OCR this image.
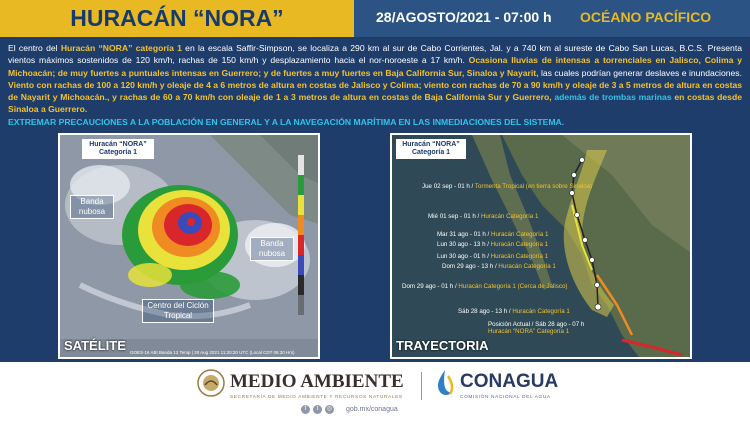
HURACÁN “NORA”	28/AGOSTO/2021 - 07:00 h OCÉANO PACÍFICO
El centro del Huracán “NORA” categoría 1 en la escala Saffir-Simpson, se localiza a 290 km al sur de Cabo Corrientes, Jal. y a 740 km al sureste de Cabo San Lucas, B.C.S. Presenta vientos máximos sostenidos de 120 km/h, rachas de 150 km/h y desplazamiento hacia el nor-noroeste a 17 km/h. Ocasiona lluvias de intensas a torrenciales en Jalisco, Colima y Michoacán; de muy fuertes a puntuales intensas en Guerrero; y de fuertes a muy fuertes en Baja California Sur, Sinaloa y Nayarit, las cuales podrían generar deslaves e inundaciones. Viento con rachas de 100 a 120 km/h y oleaje de 4 a 6 metros de altura en costas de Jalisco y Colima; viento con rachas de 70 a 90 km/h y oleaje de 3 a 5 metros de altura en costas de Nayarit y Michoacán., y rachas de 60 a 70 km/h con oleaje de 1 a 3 metros de altura en costas de Baja California Sur y Guerrero, además de trombas marinas en costas desde Sinaloa a Guerrero.
EXTREMAR PRECAUCIONES A LA POBLACIÓN EN GENERAL Y A LA NAVEGACIÓN MARÍTIMA EN LAS INMEDIACIONES DEL SISTEMA.
Huracán “NORA”
Categoría 1
Banda nubosa
Banda nubosa
Centro del Ciclón Tropical
SATÉLITE GOES-16 ABI Banda 13 Temp | 28 Aug 2021 11:20:20 UTC (Local CDT 06:20 Hrs)
Huracán “NORA”
Categoría 1
Jue 02 sep - 01 h / Tormenta Tropical (en tierra sobre Sinaloa)
Mié 01 sep - 01 h / Huracán Categoría 1
Mar 31 ago - 01 h / Huracán Categoría 1
Lun 30 ago - 13 h / Huracán Categoría 1
Lun 30 ago - 01 h / Huracán Categoría 1
Dom 29 ago - 13 h / Huracán Categoría 1
Dom 29 ago - 01 h / Huracán Categoría 1 (Cerca de Jalisco)
Sáb 28 ago - 13 h / Huracán Categoría 1
Posición Actual / Sáb 28 ago - 07 h
Huracán “NORA” Categoría 1
TRAYECTORIA
MEDIO AMBIENTE
SECRETARÍA DE MEDIO AMBIENTE Y RECURSOS NATURALES
CONAGUA
COMISIÓN NACIONAL DEL AGUA
f	t	◎ gob.mx/conagua
